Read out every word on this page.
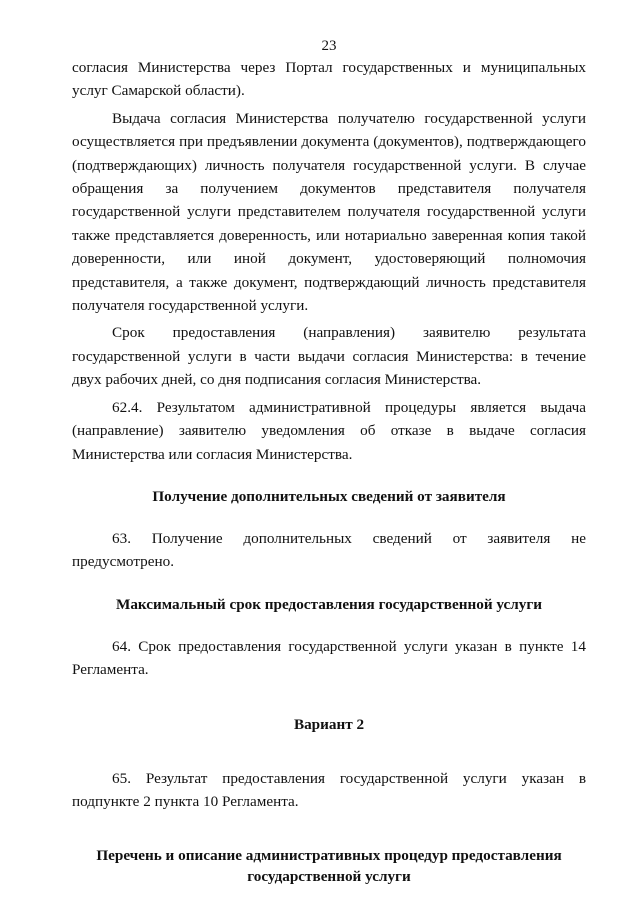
23

согласия Министерства через Портал государственных и муниципальных услуг Самарской области).

Выдача согласия Министерства получателю государственной услуги осуществляется при предъявлении документа (документов), подтверждающего (подтверждающих) личность получателя государственной услуги. В случае обращения за получением документов представителя получателя государственной услуги представителем получателя государственной услуги также представляется доверенность, или нотариально заверенная копия такой доверенности, или иной документ, удостоверяющий полномочия представителя, а также документ, подтверждающий личность представителя получателя государственной услуги.

Срок предоставления (направления) заявителю результата государственной услуги в части выдачи согласия Министерства: в течение двух рабочих дней, со дня подписания согласия Министерства.

62.4. Результатом административной процедуры является выдача (направление) заявителю уведомления об отказе в выдаче согласия Министерства или согласия Министерства.

Получение дополнительных сведений от заявителя

63. Получение дополнительных сведений от заявителя не предусмотрено.

Максимальный срок предоставления государственной услуги

64. Срок предоставления государственной услуги указан в пункте 14 Регламента.

Вариант 2

65. Результат предоставления государственной услуги указан в подпункте 2 пункта 10 Регламента.

Перечень и описание административных процедур предоставления
государственной услуги
